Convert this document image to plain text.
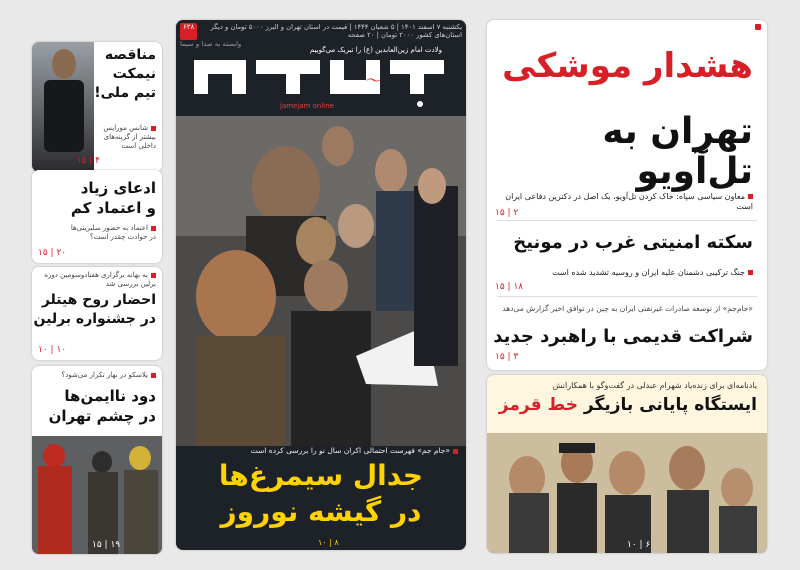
یکشنبه ۷ اسفند ۱۴۰۱ | ۵ شعبان ۱۴۴۴ | قیمت در استان تهران و البرز ۵۰۰۰ تومان و دیگر استان‌های کشور ۲۰۰۰ تومان | ۲۰ صفحه
۶۳۸
وابسته به صدا و سیما
～
ولادت امام زین‌العابدین (ع) را تبریک می‌گوییم
jamejam online
«جام جم» فهرست احتمالی اکران سال نو را بررسی کرده است
جدال سیمرغ‌ها
در گیشه نوروز
۸ | ۱۰
هشدار موشکی
تهران به تل‌آویو
معاون سیاسی سپاه: خاک کردن تل‌آویو، یک اصل در دکترین دفاعی ایران است
۲ | ۱۵
سکته امنیتی غرب در مونیخ
جنگ ترکیبی دشمنان علیه ایران و روسیه تشدید شده است
۱۸ | ۱۵
«جام‌جم» از توسعه صادرات غیرنفتی ایران به چین در توافق اخیر گزارش می‌دهد
شراکت قدیمی با راهبرد جدید
۳ | ۱۵
یادنامه‌ای برای زنده‌یاد شهرام عبدلی در گفت‌وگو با همکارانش
ایستگاه پایانی بازیگر خط قرمز
۶ | ۱۰
مناقصه
نیمکت
تیم ملی!
شانس مورایس
بیشتر از گزینه‌های
داخلی است
۴ | ۱۵
ادعای زیاد
و اعتماد کم
اعتماد به حضور سلبریتی‌ها
در حوادث چقدر است؟
۲۰ | ۱۵
به بهانه برگزاری هفتادوسومین دوره برلین بررسی شد
احضار روح هیتلر
در جشنواره برلین
۱۰ | ۱۰
پلاسکو در بهار تکرار می‌شود؟
دود ناایمن‌ها
در چشم تهران
۱۹ | ۱۵
